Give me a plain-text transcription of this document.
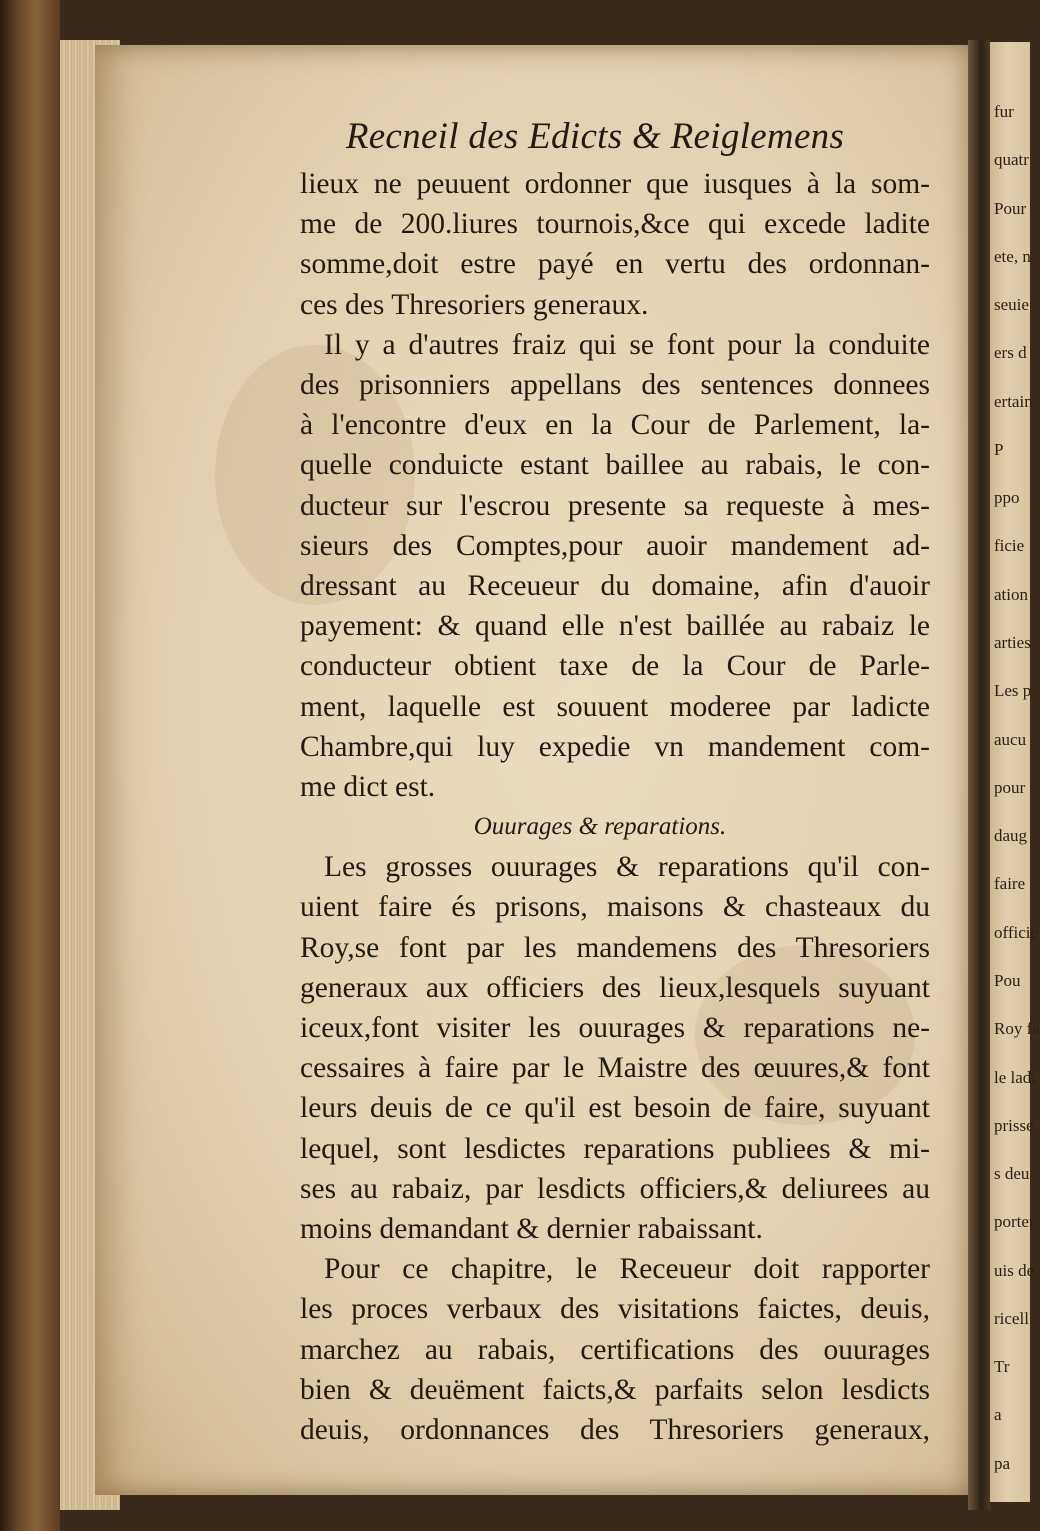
fur
quatr
Pour
ete, n
seuie
ers d
ertain
P
ppo
ficie
ation
arties
Les p
aucu
pour
daug
faire
officie
Pou
Roy fa
le ladi
prisse
s deu
porter
uis de
ricell
Tr
a
pa
Recneil des Edicts & Reiglemens
lieux ne peuuent ordonner que iusques à la som-
me de 200.liures tournois,&ce qui excede ladite
somme,doit estre payé en vertu des ordonnan-
ces des Thresoriers generaux.
Il y a d'autres fraiz qui se font pour la conduite
des prisonniers appellans des sentences donnees
à l'encontre d'eux en la Cour de Parlement, la-
quelle conduicte estant baillee au rabais, le con-
ducteur sur l'escrou presente sa requeste à mes-
sieurs des Comptes,pour auoir mandement ad-
dressant au Receueur du domaine, afin d'auoir
payement: & quand elle n'est baillée au rabaiz le
conducteur obtient taxe de la Cour de Parle-
ment, laquelle est souuent moderee par ladicte
Chambre,qui luy expedie vn mandement com-
me dict est.
Ouurages & reparations.
Les grosses ouurages & reparations qu'il con-
uient faire és prisons, maisons & chasteaux du
Roy,se font par les mandemens des Thresoriers
generaux aux officiers des lieux,lesquels suyuant
iceux,font visiter les ouurages & reparations ne-
cessaires à faire par le Maistre des œuures,& font
leurs deuis de ce qu'il est besoin de faire, suyuant
lequel, sont lesdictes reparations publiees & mi-
ses au rabaiz, par lesdicts officiers,& deliurees au
moins demandant & dernier rabaissant.
Pour ce chapitre, le Receueur doit rapporter
les proces verbaux des visitations faictes, deuis,
marchez au rabais, certifications des ouurages
bien & deuëment faicts,& parfaits selon lesdicts
deuis, ordonnances des Thresoriers generaux,
